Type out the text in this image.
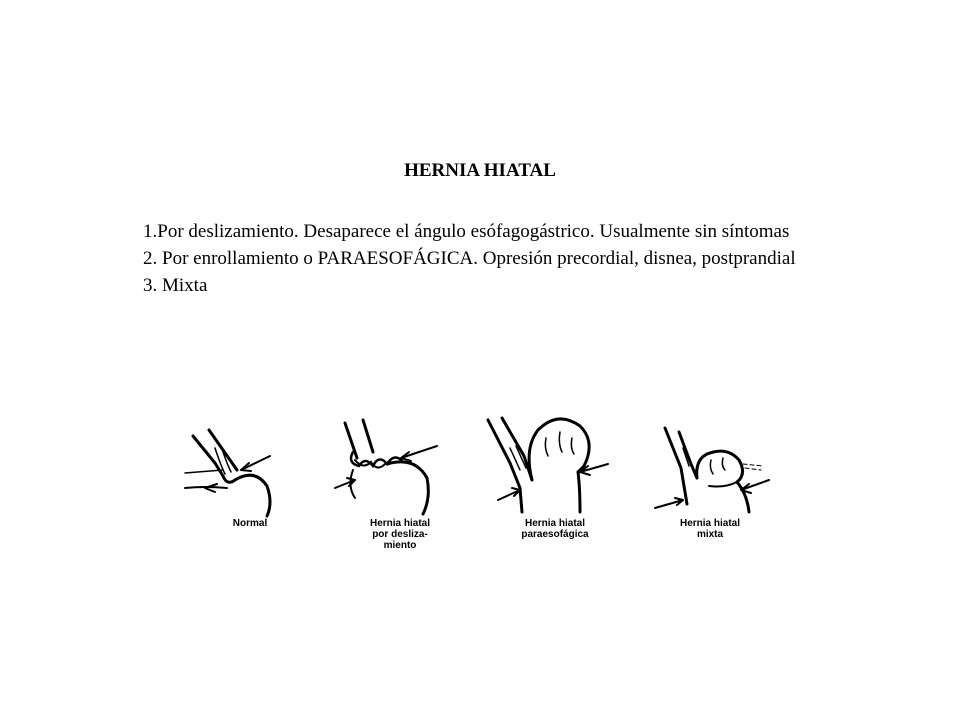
HERNIA HIATAL

1.Por deslizamiento. Desaparece el ángulo esófagogástrico. Usualmente sin síntomas

2. Por enrollamiento o PARAESOFÁGICA. Opresión precordial, disnea, postprandial

3. Mixta

Normal	Hernia hiatal
por desliza-
miento
Hernia hiatal
paraesofágica
Hernia hiatal
mixta
